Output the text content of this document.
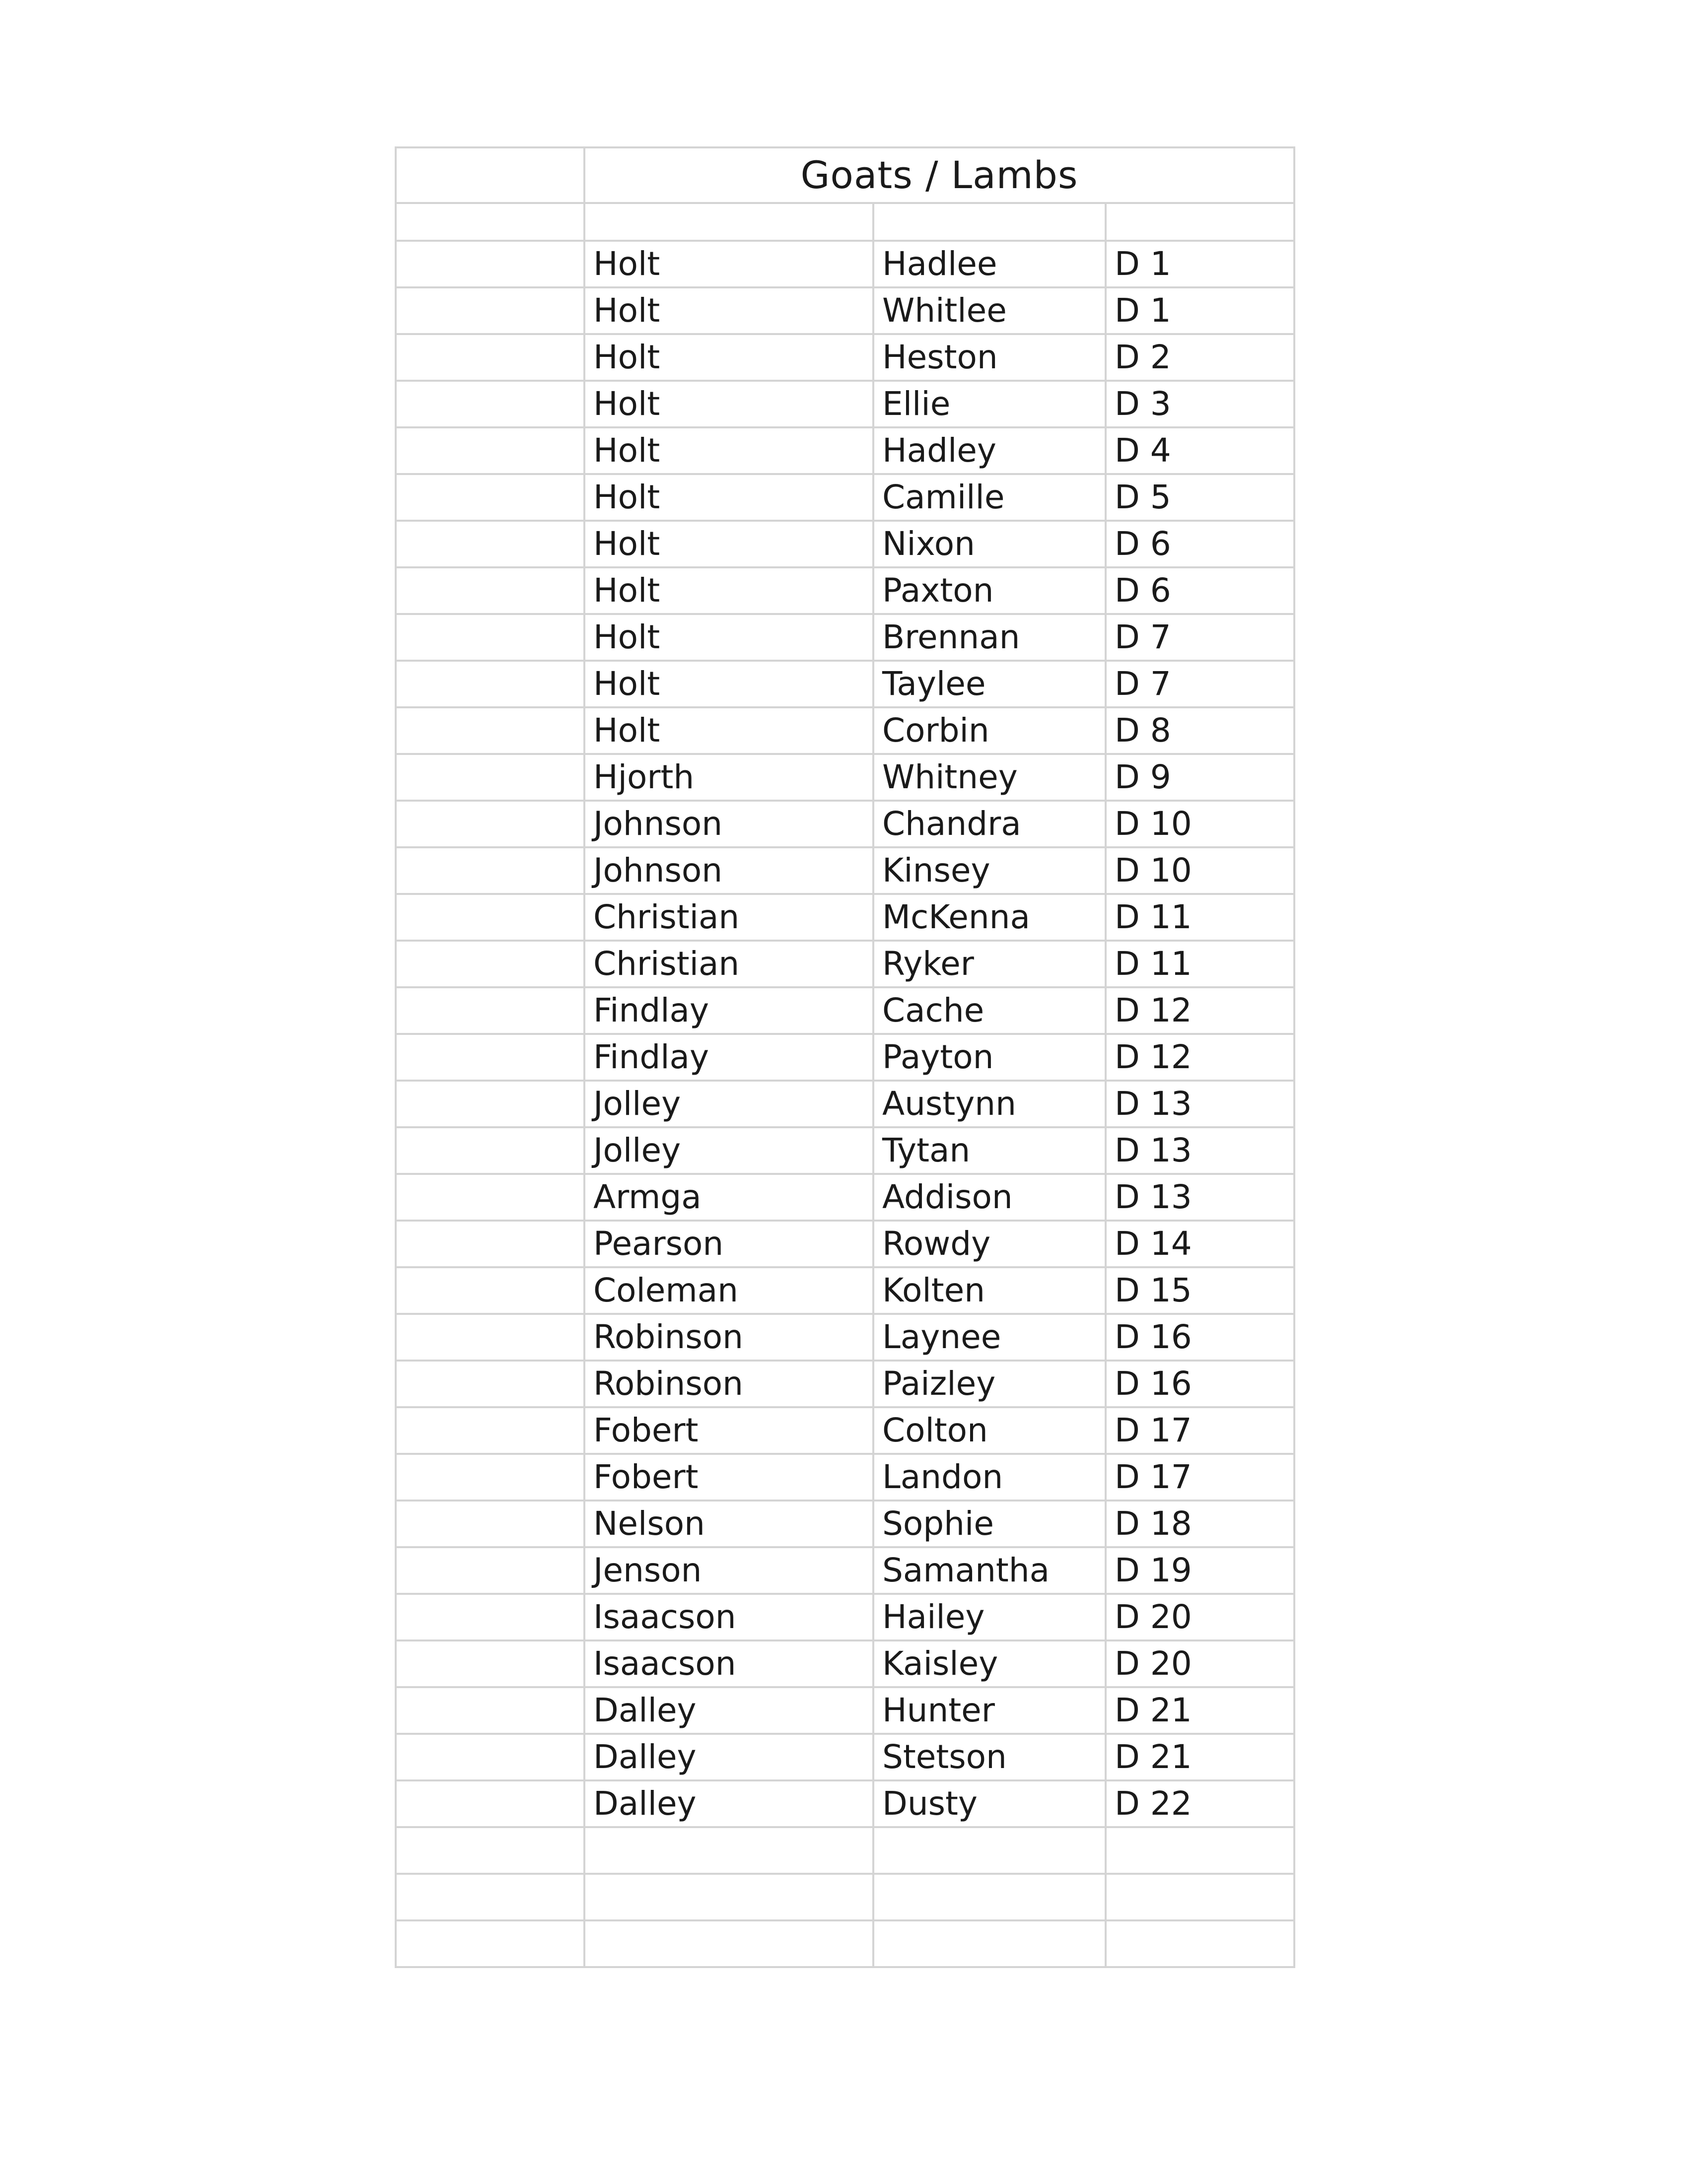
	Goats / Lambs		

	Holt	Hadlee	D 1
	Holt	Whitlee	D 1
	Holt	Heston	D 2
	Holt	Ellie	D 3
	Holt	Hadley	D 4
	Holt	Camille	D 5
	Holt	Nixon	D 6
	Holt	Paxton	D 6
	Holt	Brennan	D 7
	Holt	Taylee	D 7
	Holt	Corbin	D 8
	Hjorth	Whitney	D 9
	Johnson	Chandra	D 10
	Johnson	Kinsey	D 10
	Christian	McKenna	D 11
	Christian	Ryker	D 11
	Findlay	Cache	D 12
	Findlay	Payton	D 12
	Jolley	Austynn	D 13
	Jolley	Tytan	D 13
	Armga	Addison	D 13
	Pearson	Rowdy	D 14
	Coleman	Kolten	D 15
	Robinson	Laynee	D 16
	Robinson	Paizley	D 16
	Fobert	Colton	D 17
	Fobert	Landon	D 17
	Nelson	Sophie	D 18
	Jenson	Samantha	D 19
	Isaacson	Hailey	D 20
	Isaacson	Kaisley	D 20
	Dalley	Hunter	D 21
	Dalley	Stetson	D 21
	Dalley	Dusty	D 22
